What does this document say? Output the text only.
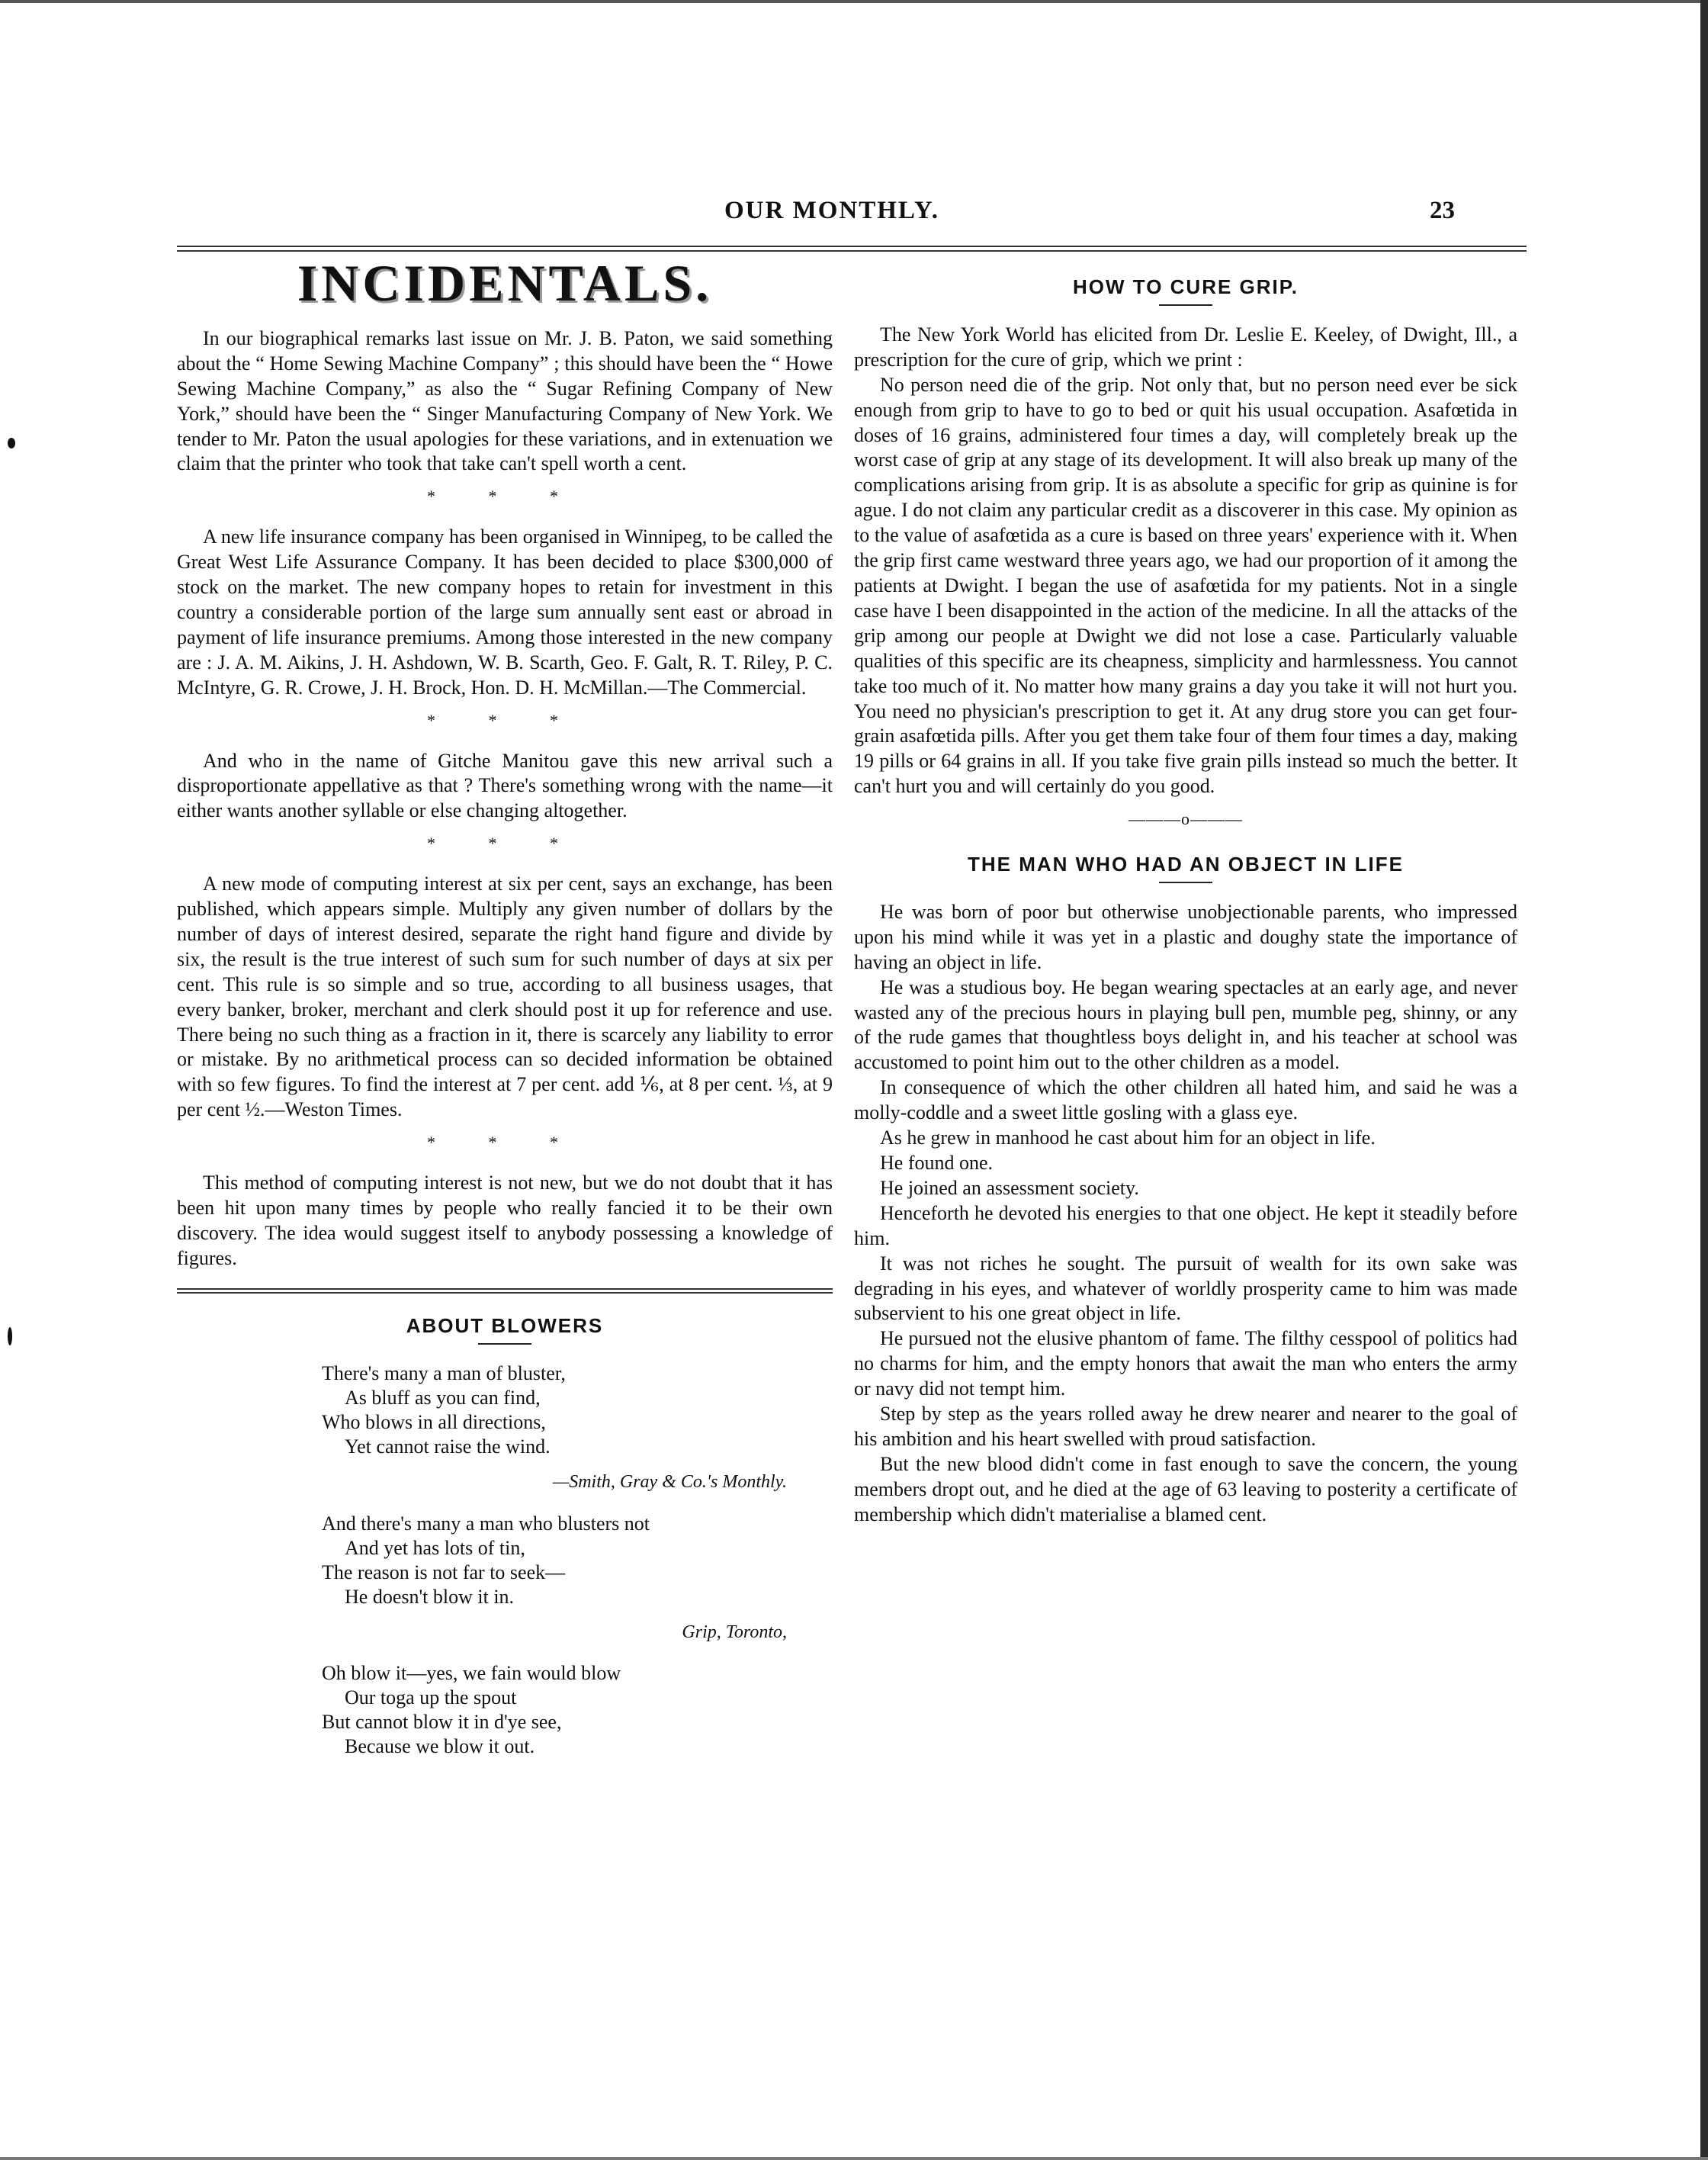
OUR MONTHLY.	23
INCIDENTALS.

In our biographical remarks last issue on Mr. J. B. Paton, we said something about the “ Home Sewing Machine Company” ; this should have been the “ Howe Sewing Machine Company,” as also the “ Sugar Refining Company of New York,” should have been the “ Singer Manufacturing Company of New York. We tender to Mr. Paton the usual apologies for these variations, and in extenuation we claim that the printer who took that take can't spell worth a cent.

* * *

A new life insurance company has been organised in Winnipeg, to be called the Great West Life Assurance Company. It has been decided to place $300,000 of stock on the market. The new company hopes to retain for investment in this country a considerable portion of the large sum annually sent east or abroad in payment of life insurance premiums. Among those interested in the new company are : J. A. M. Aikins, J. H. Ashdown, W. B. Scarth, Geo. F. Galt, R. T. Riley, P. C. McIntyre, G. R. Crowe, J. H. Brock, Hon. D. H. McMillan.—The Commercial.

* * *

And who in the name of Gitche Manitou gave this new arrival such a disproportionate appellative as that ? There's something wrong with the name—it either wants another syllable or else changing altogether.

* * *

A new mode of computing interest at six per cent, says an exchange, has been published, which appears simple. Multiply any given number of dollars by the number of days of interest desired, separate the right hand figure and divide by six, the result is the true interest of such sum for such number of days at six per cent. This rule is so simple and so true, according to all business usages, that every banker, broker, merchant and clerk should post it up for reference and use. There being no such thing as a fraction in it, there is scarcely any liability to error or mistake. By no arithmetical process can so decided information be obtained with so few figures. To find the interest at 7 per cent. add ⅙, at 8 per cent. ⅓, at 9 per cent ½.—Weston Times.

* * *

This method of computing interest is not new, but we do not doubt that it has been hit upon many times by people who really fancied it to be their own discovery. The idea would suggest itself to anybody possessing a knowledge of figures.

ABOUT BLOWERS
There's many a man of bluster,
As bluff as you can find,
Who blows in all directions,
Yet cannot raise the wind.
—Smith, Gray & Co.'s Monthly.
And there's many a man who blusters not
And yet has lots of tin,
The reason is not far to seek—
He doesn't blow it in.
Grip, Toronto,
Oh blow it—yes, we fain would blow
Our toga up the spout
But cannot blow it in d'ye see,
Because we blow it out.
HOW TO CURE GRIP.

The New York World has elicited from Dr. Leslie E. Keeley, of Dwight, Ill., a prescription for the cure of grip, which we print :

No person need die of the grip. Not only that, but no person need ever be sick enough from grip to have to go to bed or quit his usual occupation. Asafœtida in doses of 16 grains, administered four times a day, will completely break up the worst case of grip at any stage of its development. It will also break up many of the complications arising from grip. It is as absolute a specific for grip as quinine is for ague. I do not claim any particular credit as a discoverer in this case. My opinion as to the value of asafœtida as a cure is based on three years' experience with it. When the grip first came westward three years ago, we had our proportion of it among the patients at Dwight. I began the use of asafœtida for my patients. Not in a single case have I been disappointed in the action of the medicine. In all the attacks of the grip among our people at Dwight we did not lose a case. Particularly valuable qualities of this specific are its cheapness, simplicity and harmlessness. You cannot take too much of it. No matter how many grains a day you take it will not hurt you. You need no physician's prescription to get it. At any drug store you can get four-grain asafœtida pills. After you get them take four of them four times a day, making 19 pills or 64 grains in all. If you take five grain pills instead so much the better. It can't hurt you and will certainly do you good.

———o———
THE MAN WHO HAD AN OBJECT IN LIFE

He was born of poor but otherwise unobjectionable parents, who impressed upon his mind while it was yet in a plastic and doughy state the importance of having an object in life.

He was a studious boy. He began wearing spectacles at an early age, and never wasted any of the precious hours in playing bull pen, mumble peg, shinny, or any of the rude games that thoughtless boys delight in, and his teacher at school was accustomed to point him out to the other children as a model.

In consequence of which the other children all hated him, and said he was a molly-coddle and a sweet little gosling with a glass eye.

As he grew in manhood he cast about him for an object in life.

He found one.

He joined an assessment society.

Henceforth he devoted his energies to that one object. He kept it steadily before him.

It was not riches he sought. The pursuit of wealth for its own sake was degrading in his eyes, and whatever of worldly prosperity came to him was made subservient to his one great object in life.

He pursued not the elusive phantom of fame. The filthy cesspool of politics had no charms for him, and the empty honors that await the man who enters the army or navy did not tempt him.

Step by step as the years rolled away he drew nearer and nearer to the goal of his ambition and his heart swelled with proud satisfaction.

But the new blood didn't come in fast enough to save the concern, the young members dropt out, and he died at the age of 63 leaving to posterity a certificate of membership which didn't materialise a blamed cent.
